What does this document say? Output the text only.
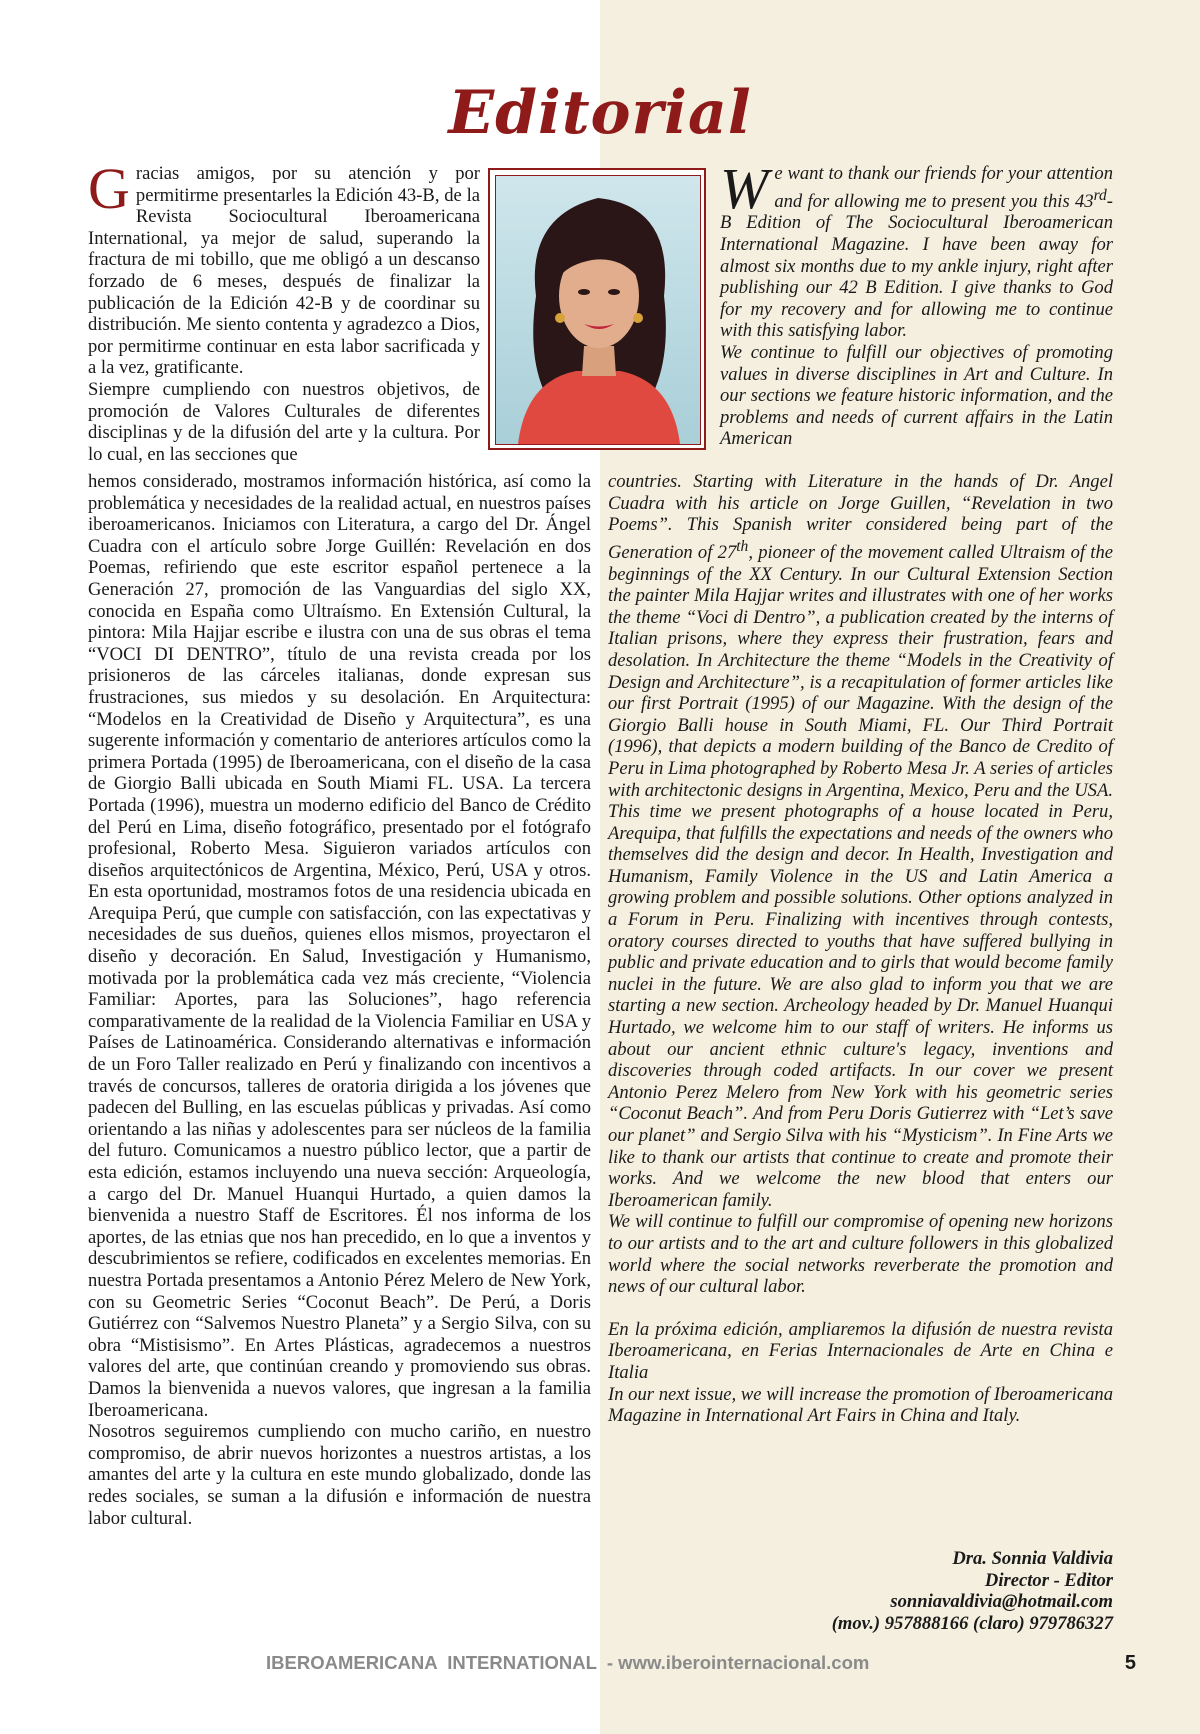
Editorial

Gracias amigos, por su atención y por permitirme presentarles la Edición 43-B, de la Revista Sociocultural Iberoamericana International, ya mejor de salud, superando la fractura de mi tobillo, que me obligó a un descanso forzado de 6 meses, después de finalizar la publicación de la Edición 42-B y de coordinar su distribución. Me siento contenta y agradezco a Dios, por permitirme continuar en esta labor sacrificada y a la vez, gratificante.

Siempre cumpliendo con nuestros objetivos, de promoción de Valores Culturales de diferentes disciplinas y de la difusión del arte y la cultura. Por lo cual, en las secciones que

hemos considerado, mostramos información histórica, así como la problemática y necesidades de la realidad actual, en nuestros países iberoamericanos. Iniciamos con Literatura, a cargo del Dr. Ángel Cuadra con el artículo sobre Jorge Guillén: Revelación en dos Poemas, refiriendo que este escritor español pertenece a la Generación 27, promoción de las Vanguardias del siglo XX, conocida en España como Ultraísmo. En Extensión Cultural, la pintora: Mila Hajjar escribe e ilustra con una de sus obras el tema “VOCI DI DENTRO”, título de una revista creada por los prisioneros de las cárceles italianas, donde expresan sus frustraciones, sus miedos y su desolación. En Arquitectura: “Modelos en la Creatividad de Diseño y Arquitectura”, es una sugerente información y comentario de anteriores artículos como la primera Portada (1995) de Iberoamericana, con el diseño de la casa de Giorgio Balli ubicada en South Miami FL. USA. La tercera Portada (1996), muestra un moderno edificio del Banco de Crédito del Perú en Lima, diseño fotográfico, presentado por el fotógrafo profesional, Roberto Mesa. Siguieron variados artículos con diseños arquitectónicos de Argentina, México, Perú, USA y otros. En esta oportunidad, mostramos fotos de una residencia ubicada en Arequipa Perú, que cumple con satisfacción, con las expectativas y necesidades de sus dueños, quienes ellos mismos, proyectaron el diseño y decoración. En Salud, Investigación y Humanismo, motivada por la problemática cada vez más creciente, “Violencia Familiar: Aportes, para las Soluciones”, hago referencia comparativamente de la realidad de la Violencia Familiar en USA y Países de Latinoamérica. Considerando alternativas e información de un Foro Taller realizado en Perú y finalizando con incentivos a través de concursos, talleres de oratoria dirigida a los jóvenes que padecen del Bulling, en las escuelas públicas y privadas. Así como orientando a las niñas y adolescentes para ser núcleos de la familia del futuro. Comunicamos a nuestro público lector, que a partir de esta edición, estamos incluyendo una nueva sección: Arqueología, a cargo del Dr. Manuel Huanqui Hurtado, a quien damos la bienvenida a nuestro Staff de Escritores. Él nos informa de los aportes, de las etnias que nos han precedido, en lo que a inventos y descubrimientos se refiere, codificados en excelentes memorias. En nuestra Portada presentamos a Antonio Pérez Melero de New York, con su Geometric Series “Coconut Beach”. De Perú, a Doris Gutiérrez con “Salvemos Nuestro Planeta” y a Sergio Silva, con su obra “Mistisismo”. En Artes Plásticas, agradecemos a nuestros valores del arte, que continúan creando y promoviendo sus obras. Damos la bienvenida a nuevos valores, que ingresan a la familia Iberoamericana.

Nosotros seguiremos cumpliendo con mucho cariño, en nuestro compromiso, de abrir nuevos horizontes a nuestros artistas, a los amantes del arte y la cultura en este mundo globalizado, donde las redes sociales, se suman a la difusión e información de nuestra labor cultural.

We want to thank our friends for your attention and for allowing me to present you this 43rd-B Edition of The Sociocultural Iberoamerican International Magazine. I have been away for almost six months due to my ankle injury, right after publishing our 42 B Edition. I give thanks to God for my recovery and for allowing me to continue with this satisfying labor.

We continue to fulfill our objectives of promoting values in diverse disciplines in Art and Culture. In our sections we feature historic information, and the problems and needs of current affairs in the Latin American

countries. Starting with Literature in the hands of Dr. Angel Cuadra with his article on Jorge Guillen, “Revelation in two Poems”. This Spanish writer considered being part of the Generation of 27th, pioneer of the movement called Ultraism of the beginnings of the XX Century. In our Cultural Extension Section the painter Mila Hajjar writes and illustrates with one of her works the theme “Voci di Dentro”, a publication created by the interns of Italian prisons, where they express their frustration, fears and desolation. In Architecture the theme “Models in the Creativity of Design and Architecture”, is a recapitulation of former articles like our first Portrait (1995) of our Magazine. With the design of the Giorgio Balli house in South Miami, FL. Our Third Portrait (1996), that depicts a modern building of the Banco de Credito of Peru in Lima photographed by Roberto Mesa Jr. A series of articles with architectonic designs in Argentina, Mexico, Peru and the USA. This time we present photographs of a house located in Peru, Arequipa, that fulfills the expectations and needs of the owners who themselves did the design and decor. In Health, Investigation and Humanism, Family Violence in the US and Latin America a growing problem and possible solutions. Other options analyzed in a Forum in Peru. Finalizing with incentives through contests, oratory courses directed to youths that have suffered bullying in public and private education and to girls that would become family nuclei in the future. We are also glad to inform you that we are starting a new section. Archeology headed by Dr. Manuel Huanqui Hurtado, we welcome him to our staff of writers. He informs us about our ancient ethnic culture's legacy, inventions and discoveries through coded artifacts. In our cover we present Antonio Perez Melero from New York with his geometric series “Coconut Beach”. And from Peru Doris Gutierrez with “Let’s save our planet” and Sergio Silva with his “Mysticism”. In Fine Arts we like to thank our artists that continue to create and promote their works. And we welcome the new blood that enters our Iberoamerican family.

We will continue to fulfill our compromise of opening new horizons to our artists and to the art and culture followers in this globalized world where the social networks reverberate the promotion and news of our cultural labor.

En la próxima edición, ampliaremos la difusión de nuestra revista Iberoamericana, en Ferias Internacionales de Arte en China e Italia

In our next issue, we will increase the promotion of Iberoamericana Magazine in International Art Fairs in China and Italy.

Dra. Sonnia Valdivia
Director - Editor
sonniavaldivia@hotmail.com
(mov.) 957888166 (claro) 979786327
IBEROAMERICANA  INTERNATIONAL  - www.iberointernacional.com	5
